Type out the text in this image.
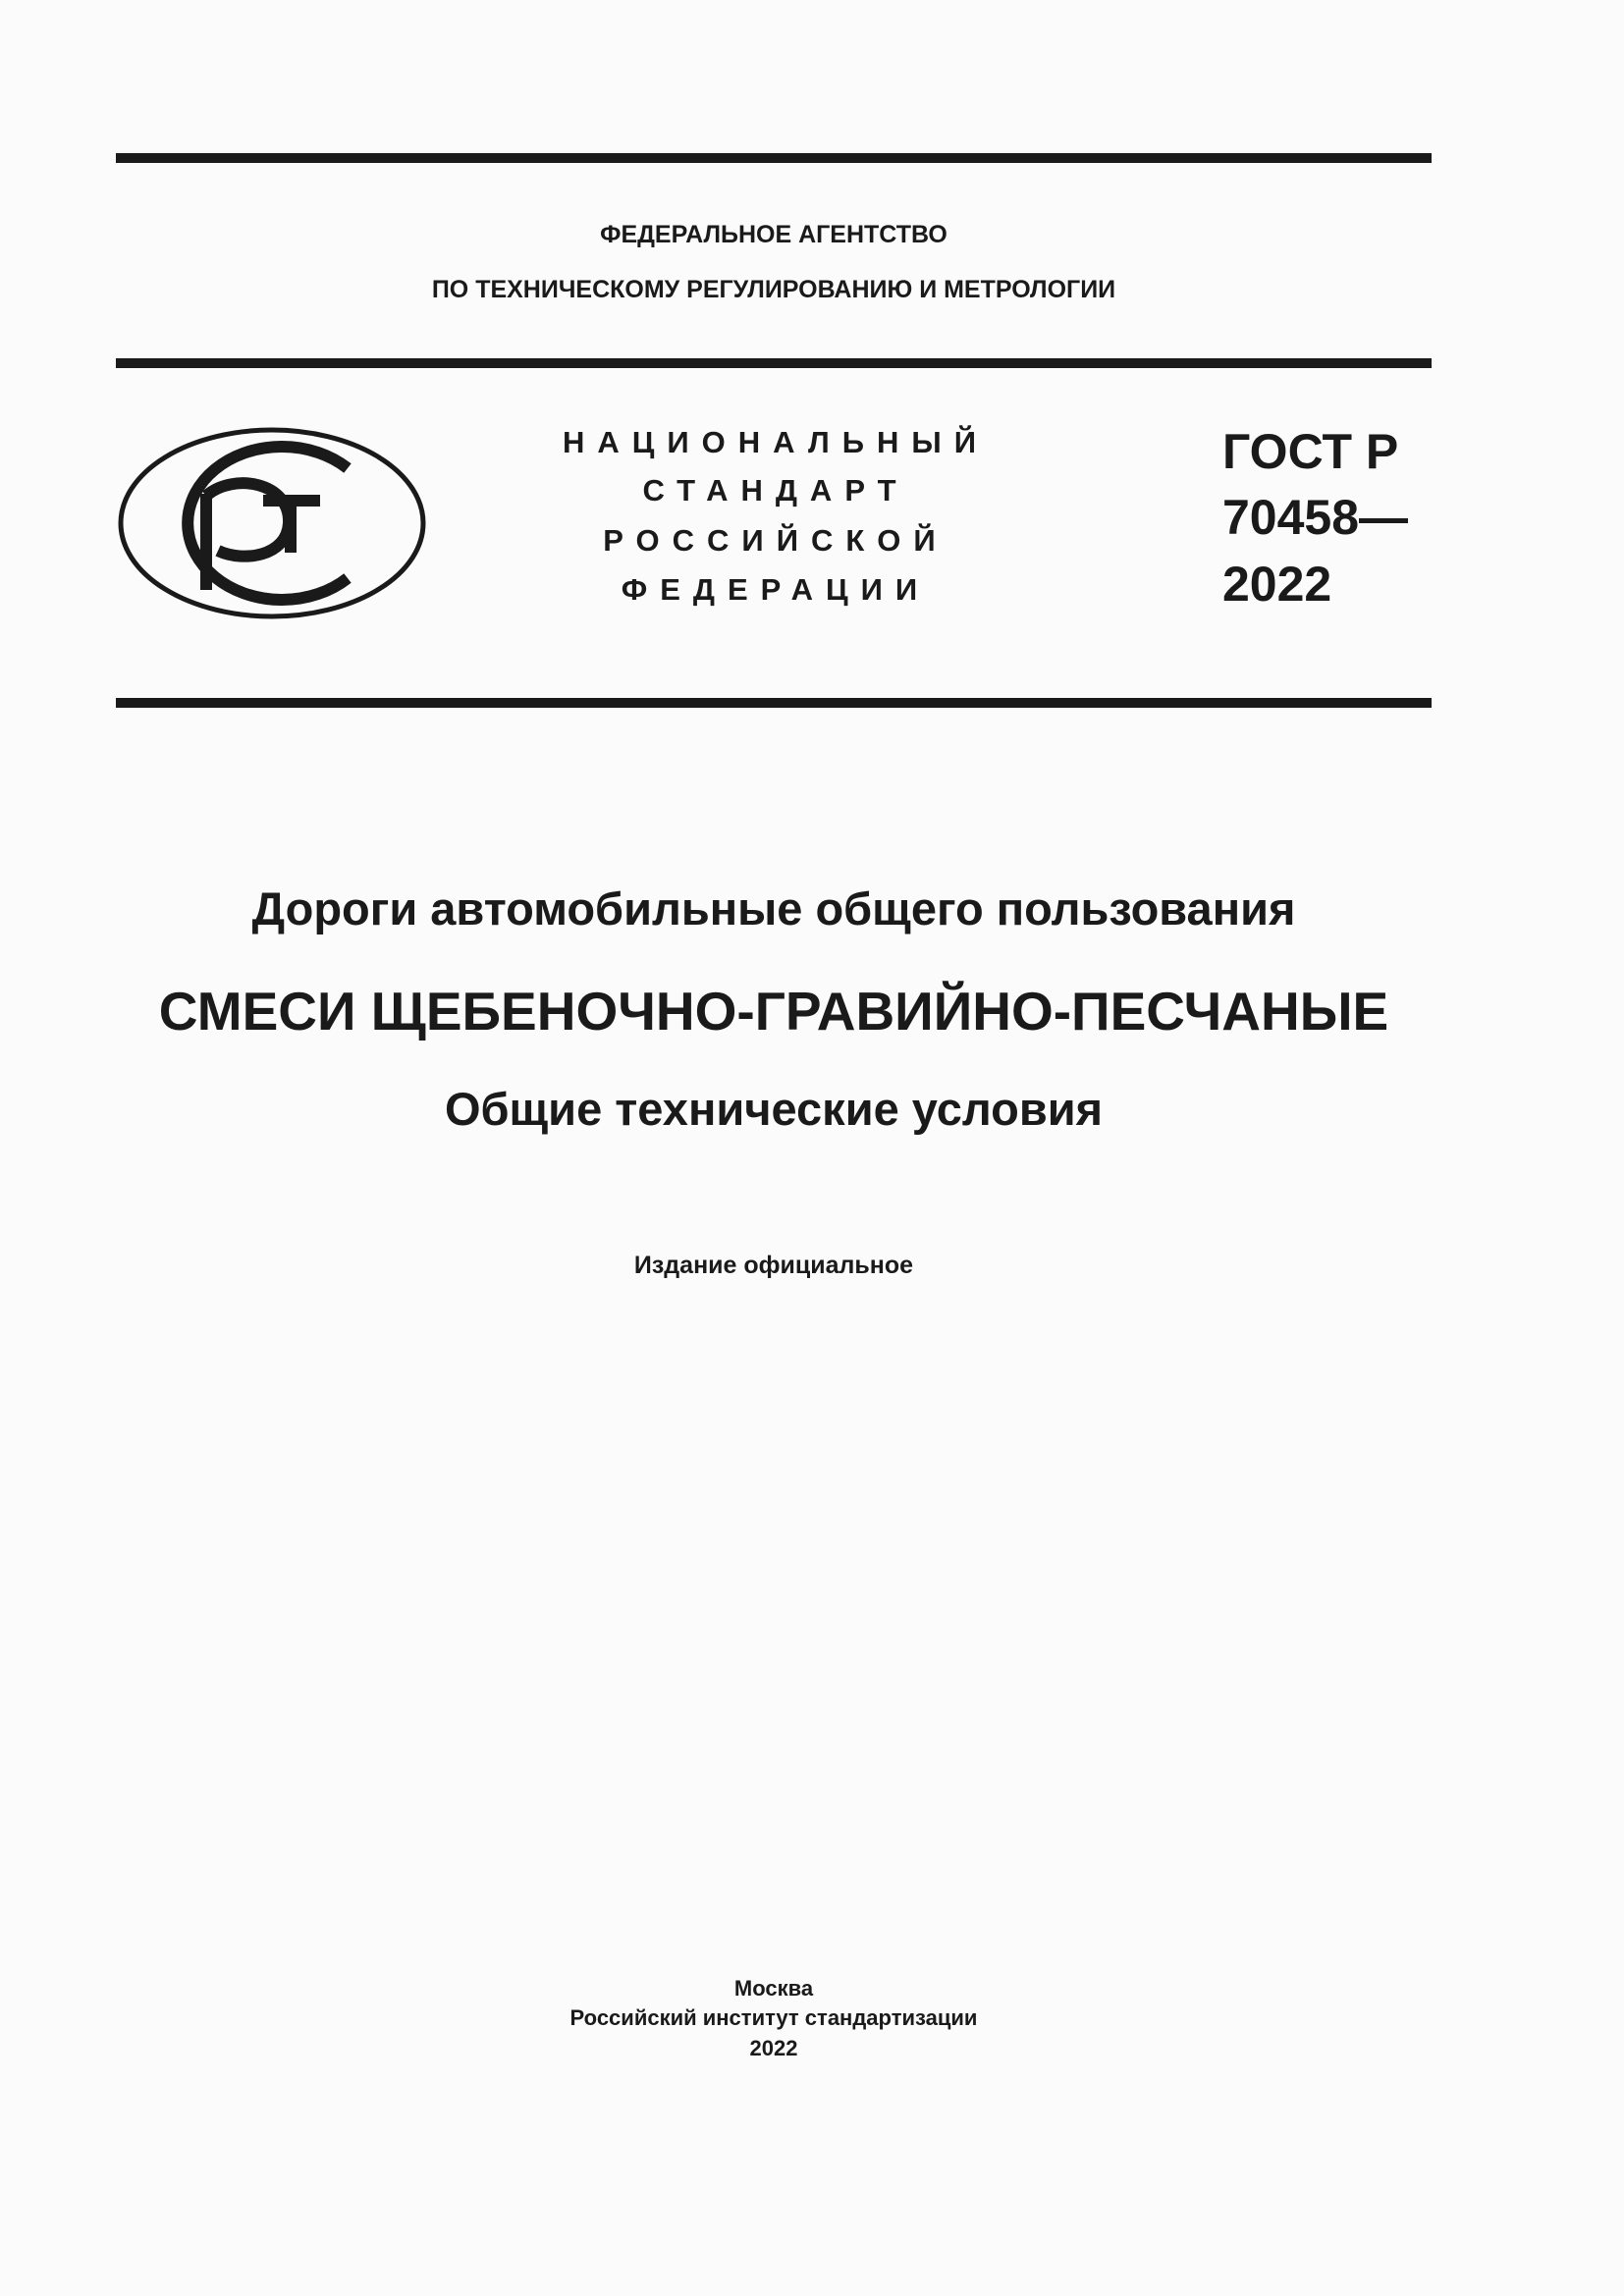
ФЕДЕРАЛЬНОЕ АГЕНТСТВО
ПО ТЕХНИЧЕСКОМУ РЕГУЛИРОВАНИЮ И МЕТРОЛОГИИ
НАЦИОНАЛЬНЫЙ
СТАНДАРТ
РОССИЙСКОЙ
ФЕДЕРАЦИИ
ГОСТ Р
70458—
2022
Дороги автомобильные общего пользования
СМЕСИ ЩЕБЕНОЧНО-ГРАВИЙНО-ПЕСЧАНЫЕ
Общие технические условия
Издание официальное
Москва
Российский институт стандартизации
2022
